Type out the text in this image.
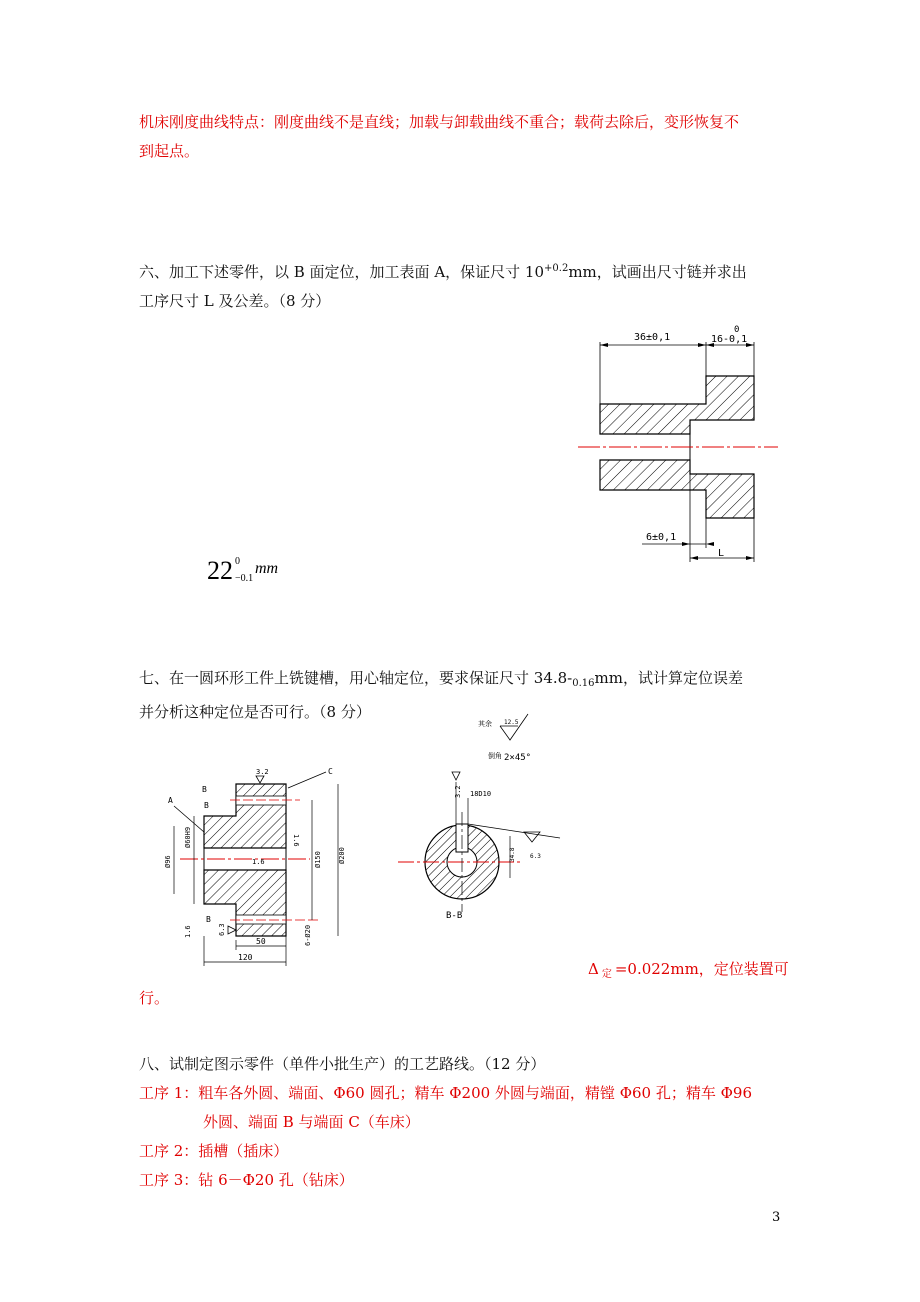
机床刚度曲线特点：刚度曲线不是直线；加载与卸载曲线不重合；载荷去除后，变形恢复不
到起点。
六、加工下述零件，以 B 面定位，加工表面 A，保证尺寸 $10^{+0.2}mm$，试画出尺寸链并求出
工序尺寸 L 及公差。（8 分）
36±0,1	16-0,1
0
6±0,1
L
22 0
−0.1
mm
七、在一圆环形工件上铣键槽，用心轴定位，要求保证尺寸 $34.8-_{0.16}mm$，试计算定位误差
并分析这种定位是否可行。（8 分）
B
A
B
C
3.2
B
1.6
1.6
1.6	6.3
Ø60H9
Ø96	Ø150 Ø200
6-Ø20
50
120
其余 12.5
倒角 2×45°
18D10
3.2
34.8 6.3
B-B
Δ $_定$ =0.022mm，定位装置可
行。
八、试制定图示零件（单件小批生产）的工艺路线。（12 分）
工序 1：粗车各外圆、端面、Φ60 圆孔；精车 Φ200 外圆与端面，精镗 Φ60 孔；精车 Φ96
外圆、端面 B 与端面 C（车床）
工序 2：插槽（插床）
工序 3：钻 6－Φ20 孔（钻床）
3
